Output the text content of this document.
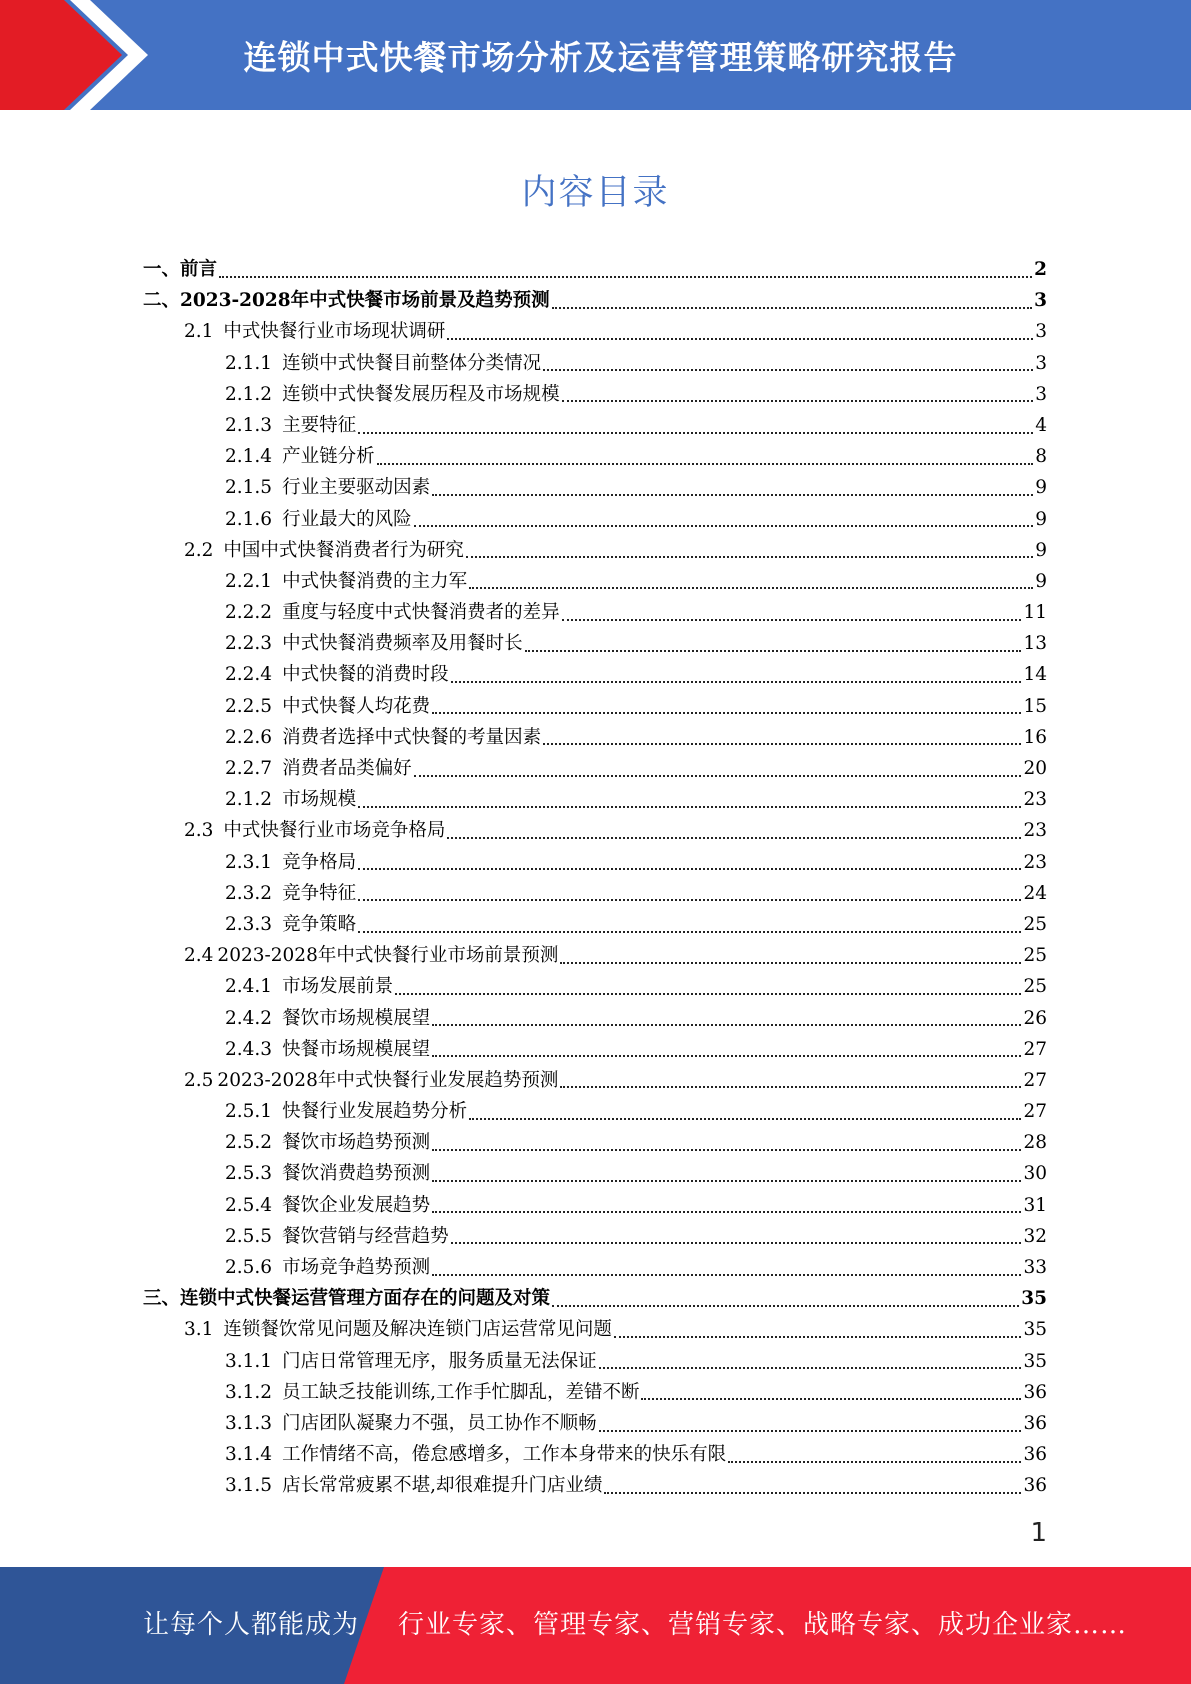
连锁中式快餐市场分析及运营管理策略研究报告
内容目录
一、 前言	2
二、 2023-2028年中式快餐市场前景及趋势预测	3
2.1 中式快餐行业市场现状调研	3
2.1.1 连锁中式快餐目前整体分类情况	3
2.1.2 连锁中式快餐发展历程及市场规模	3
2.1.3 主要特征	4
2.1.4 产业链分析	8
2.1.5 行业主要驱动因素	9
2.1.6 行业最大的风险	9
2.2 中国中式快餐消费者行为研究	9
2.2.1 中式快餐消费的主力军	9
2.2.2 重度与轻度中式快餐消费者的差异	11
2.2.3 中式快餐消费频率及用餐时长	13
2.2.4 中式快餐的消费时段	14
2.2.5 中式快餐人均花费	15
2.2.6 消费者选择中式快餐的考量因素	16
2.2.7 消费者品类偏好	20
2.1.2 市场规模	23
2.3 中式快餐行业市场竞争格局	23
2.3.1 竞争格局	23
2.3.2 竞争特征	24
2.3.3 竞争策略	25
2.4 2023-2028年中式快餐行业市场前景预测	25
2.4.1 市场发展前景	25
2.4.2 餐饮市场规模展望	26
2.4.3 快餐市场规模展望	27
2.5 2023-2028年中式快餐行业发展趋势预测	27
2.5.1 快餐行业发展趋势分析	27
2.5.2 餐饮市场趋势预测	28
2.5.3 餐饮消费趋势预测	30
2.5.4 餐饮企业发展趋势	31
2.5.5 餐饮营销与经营趋势	32
2.5.6 市场竞争趋势预测	33
三、 连锁中式快餐运营管理方面存在的问题及对策	35
3.1 连锁餐饮常见问题及解决连锁门店运营常见问题	35
3.1.1 门店日常管理无序，服务质量无法保证	35
3.1.2 员工缺乏技能训练,工作手忙脚乱，差错不断	36
3.1.3 门店团队凝聚力不强，员工协作不顺畅	36
3.1.4 工作情绪不高，倦怠感增多，工作本身带来的快乐有限	36
3.1.5 店长常常疲累不堪,却很难提升门店业绩	36
1
让每个人都能成为 行业专家、管理专家、营销专家、战略专家、成功企业家……
